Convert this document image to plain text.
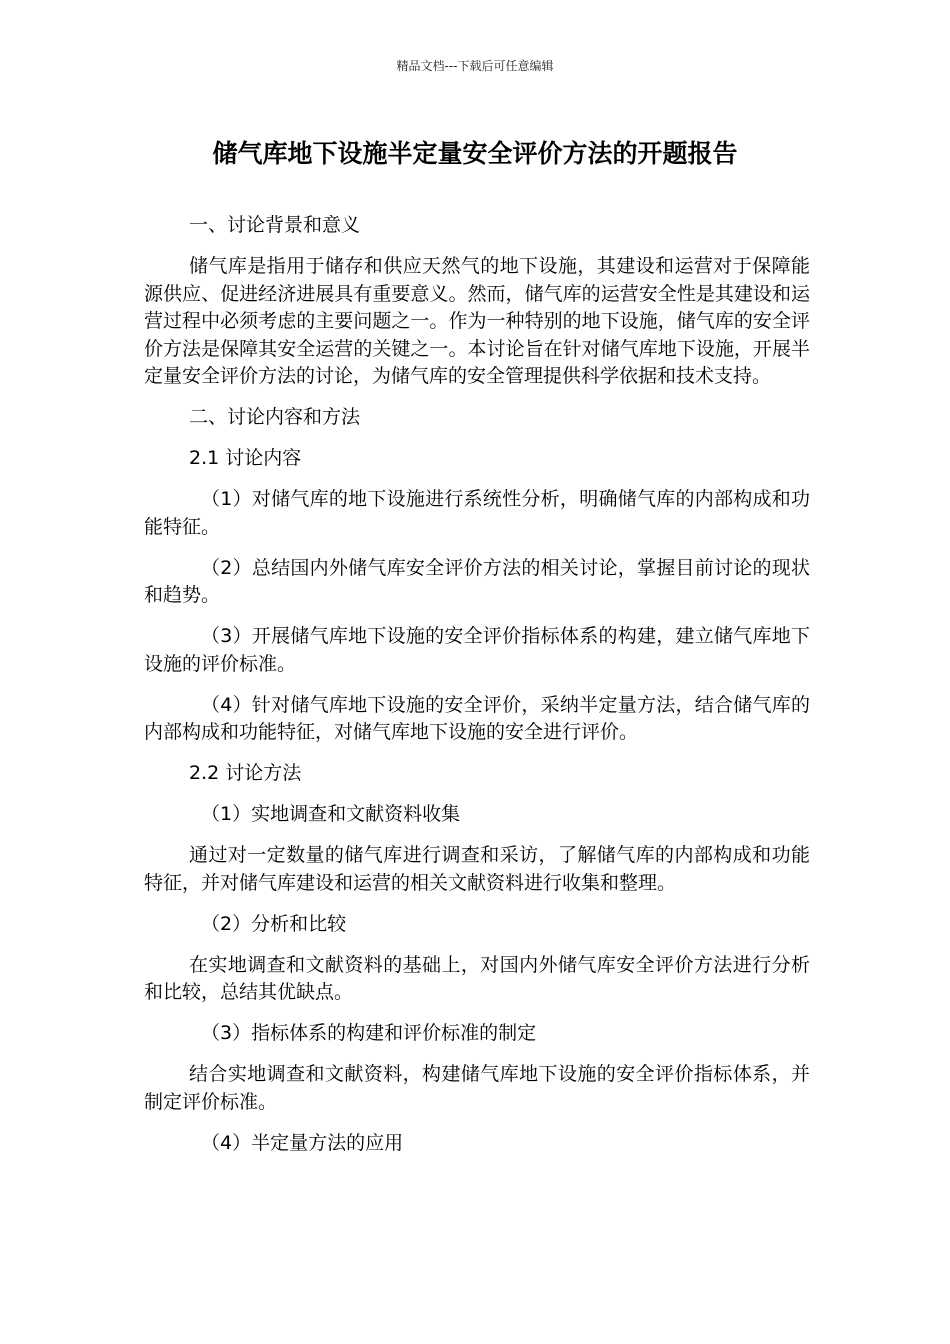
精品文档---下载后可任意编辑
储气库地下设施半定量安全评价方法的开题报告

一、讨论背景和意义

储气库是指用于储存和供应天然气的地下设施，其建设和运营对于保障能源供应、促进经济进展具有重要意义。然而，储气库的运营安全性是其建设和运营过程中必须考虑的主要问题之一。作为一种特别的地下设施，储气库的安全评价方法是保障其安全运营的关键之一。本讨论旨在针对储气库地下设施，开展半定量安全评价方法的讨论，为储气库的安全管理提供科学依据和技术支持。

二、讨论内容和方法

2.1 讨论内容

（1）对储气库的地下设施进行系统性分析，明确储气库的内部构成和功能特征。

（2）总结国内外储气库安全评价方法的相关讨论，掌握目前讨论的现状和趋势。

（3）开展储气库地下设施的安全评价指标体系的构建，建立储气库地下设施的评价标准。

（4）针对储气库地下设施的安全评价，采纳半定量方法，结合储气库的内部构成和功能特征，对储气库地下设施的安全进行评价。

2.2 讨论方法

（1）实地调查和文献资料收集

通过对一定数量的储气库进行调查和采访，了解储气库的内部构成和功能特征，并对储气库建设和运营的相关文献资料进行收集和整理。

（2）分析和比较

在实地调查和文献资料的基础上，对国内外储气库安全评价方法进行分析和比较，总结其优缺点。

（3）指标体系的构建和评价标准的制定

结合实地调查和文献资料，构建储气库地下设施的安全评价指标体系，并制定评价标准。

（4）半定量方法的应用
